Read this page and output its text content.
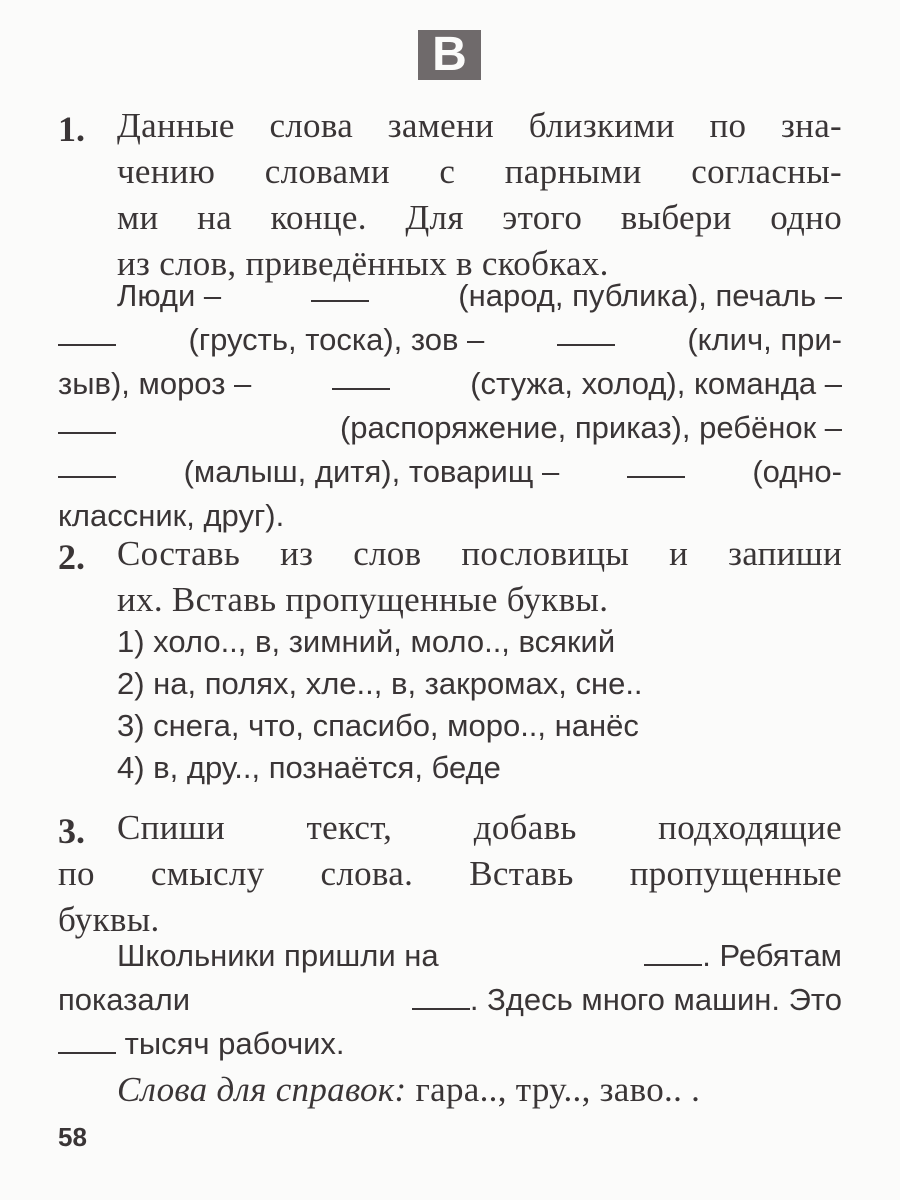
В
1. Данные слова замени близкими по зна-
чению словами с парными согласны-
ми на конце. Для этого выбери одно
из слов, приведённых в скобках.
Люди –	(народ, публика), печаль –
(грусть, тоска), зов –	(клич, при-
зыв), мороз –	(стужа, холод), команда –
(распоряжение, приказ), ребёнок –
(малыш, дитя), товарищ –	(одно-
классник, друг).
2. Составь из слов пословицы и запиши
их. Вставь пропущенные буквы.
1) холо.., в, зимний, моло.., всякий
2) на, полях, хле.., в, закромах, сне..
3) снега, что, спасибо, моро.., нанёс
4) в, дру.., познаётся, беде
3. Спиши текст, добавь подходящие
по смыслу слова. Вставь пропущенные
буквы.
Школьники пришли на	. Ребятам
показали	. Здесь много машин. Это
тысяч рабочих.
Слова для справок: гара.., тру.., заво.. .
58
